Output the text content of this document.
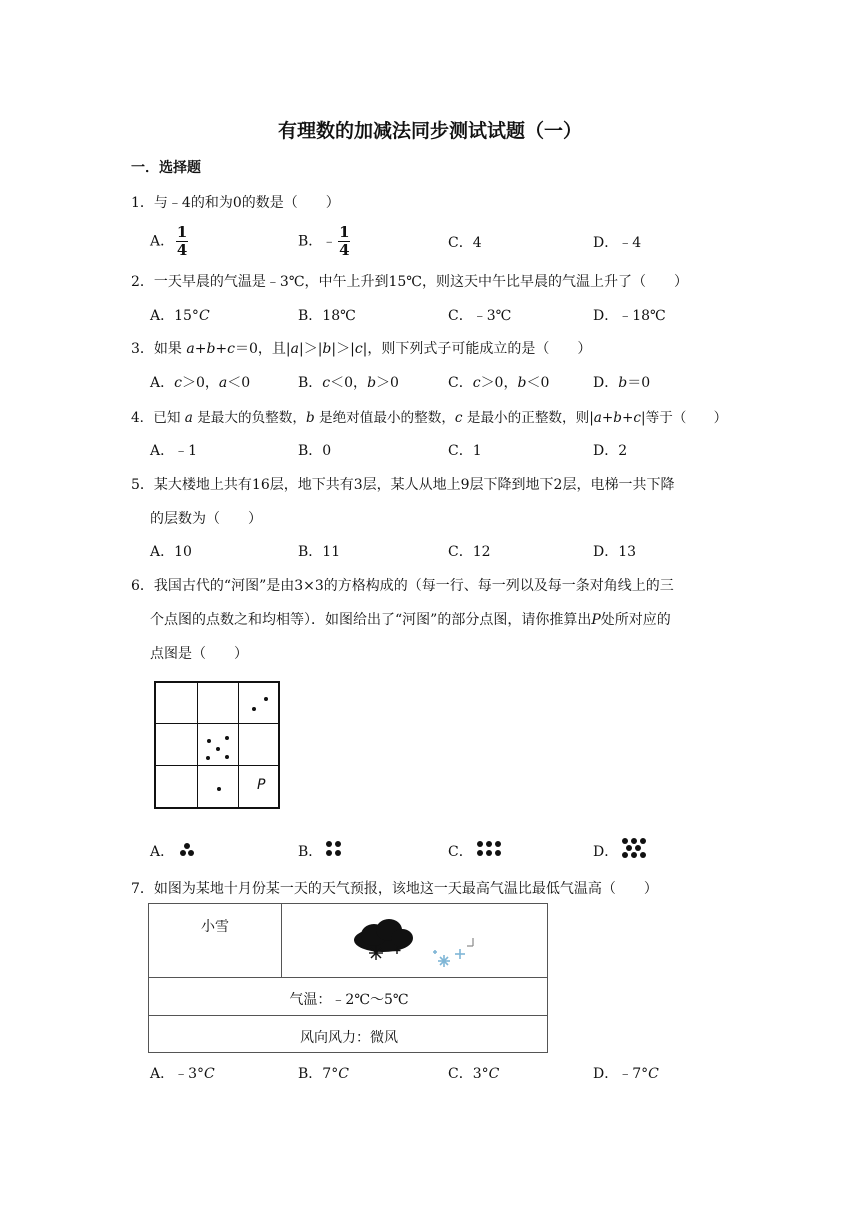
有理数的加减法同步测试试题（一）
一．选择题
1．与﹣4的和为0的数是（　　）
A． $\frac{1}{4}$	B．﹣ $\frac{1}{4}$	C．4	D．﹣4
2．一天早晨的气温是﹣3℃，中午上升到15℃，则这天中午比早晨的气温上升了（　　）
A．15°C	B．18℃	C．﹣3℃	D．﹣18℃
3．如果 a+b+c＝0，且|a|＞|b|＞|c|，则下列式子可能成立的是（　　）
A．c＞0，a＜0	B．c＜0，b＞0	C．c＞0，b＜0	D．b＝0
4．已知 a 是最大的负整数，b 是绝对值最小的整数，c 是最小的正整数，则|a+b+c|等于（　　）
A．﹣1	B．0	C．1	D．2
5．某大楼地上共有16层，地下共有3层，某人从地上9层下降到地下2层，电梯一共下降
的层数为（　　）
A．10	B．11	C．12	D．13
6．我国古代的“河图”是由3×3的方格构成的（每一行、每一列以及每一条对角线上的三
个点图的点数之和均相等）．如图给出了“河图”的部分点图，请你推算出P处所对应的
点图是（　　）
P
A．	B．	C．	D．
7．如图为某地十月份某一天的天气预报，该地这一天最高气温比最低气温高（　　）
小雪
气温：﹣2℃～5℃
风向风力：微风
A．﹣3°C	B．7°C	C．3°C	D．﹣7°C
